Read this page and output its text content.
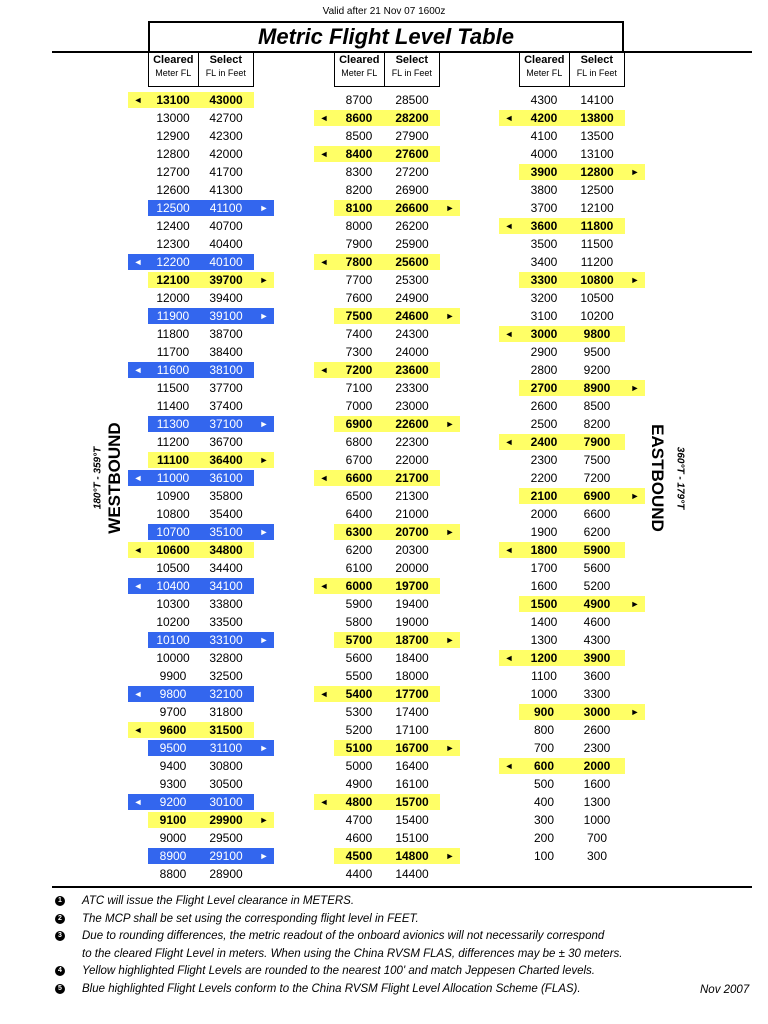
Valid after 21 Nov 07 1600z
Metric Flight Level Table
Cleared
Meter FL
Select
FL in Feet
Cleared
Meter FL
Select
FL in Feet
Cleared
Meter FL
Select
FL in Feet
180°T - 359°T WESTBOUND	EASTBOUND 360°T - 179°T
◄	13100	43000
13000	42700
12900	42300
12800	42000
12700	41700
12600	41300
►
12500	41100
12400	40700
12300	40400
◄	12200	40100
►
12100	39700
12000	39400
►
11900	39100
11800	38700
11700	38400
◄	11600	38100
11500	37700
11400	37400
►
11300	37100
11200	36700
►
11100	36400
◄	11000	36100
10900	35800
10800	35400
►
10700	35100
◄	10600	34800
10500	34400
◄	10400	34100
10300	33800
10200	33500
►
10100	33100
10000	32800
9900	32500
◄	9800	32100
9700	31800
◄	9600	31500
►
9500	31100
9400	30800
9300	30500
◄	9200	30100
►
9100	29900
9000	29500
►
8900	29100
8800	28900
8700	28500
◄	8600	28200
8500	27900
◄	8400	27600
8300	27200
8200	26900
►
8100	26600
8000	26200
7900	25900
◄	7800	25600
7700	25300
7600	24900
►
7500	24600
7400	24300
7300	24000
◄	7200	23600
7100	23300
7000	23000
►
6900	22600
6800	22300
6700	22000
◄	6600	21700
6500	21300
6400	21000
►
6300	20700
6200	20300
6100	20000
◄	6000	19700
5900	19400
5800	19000
►
5700	18700
5600	18400
5500	18000
◄	5400	17700
5300	17400
5200	17100
►
5100	16700
5000	16400
4900	16100
◄	4800	15700
4700	15400
4600	15100
►
4500	14800
4400	14400
4300	14100
◄	4200	13800
4100	13500
4000	13100
►
3900	12800
3800	12500
3700	12100
◄	3600	11800
3500	11500
3400	11200
►
3300	10800
3200	10500
3100	10200
◄	3000	9800
2900	9500
2800	9200
►
2700	8900
2600	8500
2500	8200
◄	2400	7900
2300	7500
2200	7200
►
2100	6900
2000	6600
1900	6200
◄	1800	5900
1700	5600
1600	5200
►
1500	4900
1400	4600
1300	4300
◄	1200	3900
1100	3600
1000	3300
►
900	3000
800	2600
700	2300
◄	600	2000
500	1600
400	1300
300	1000
200	700
100	300
1 ATC will issue the Flight Level clearance in METERS.
2 The MCP shall be set using the corresponding flight level in FEET.
3 Due to rounding differences, the metric readout of the onboard avionics will not necessarily correspond
to the cleared Flight Level in meters. When using the China RVSM FLAS, differences may be ± 30 meters.
4 Yellow highlighted Flight Levels are rounded to the nearest 100' and match Jeppesen Charted levels.
5 Blue highlighted Flight Levels conform to the China RVSM Flight Level Allocation Scheme (FLAS).	Nov 2007
